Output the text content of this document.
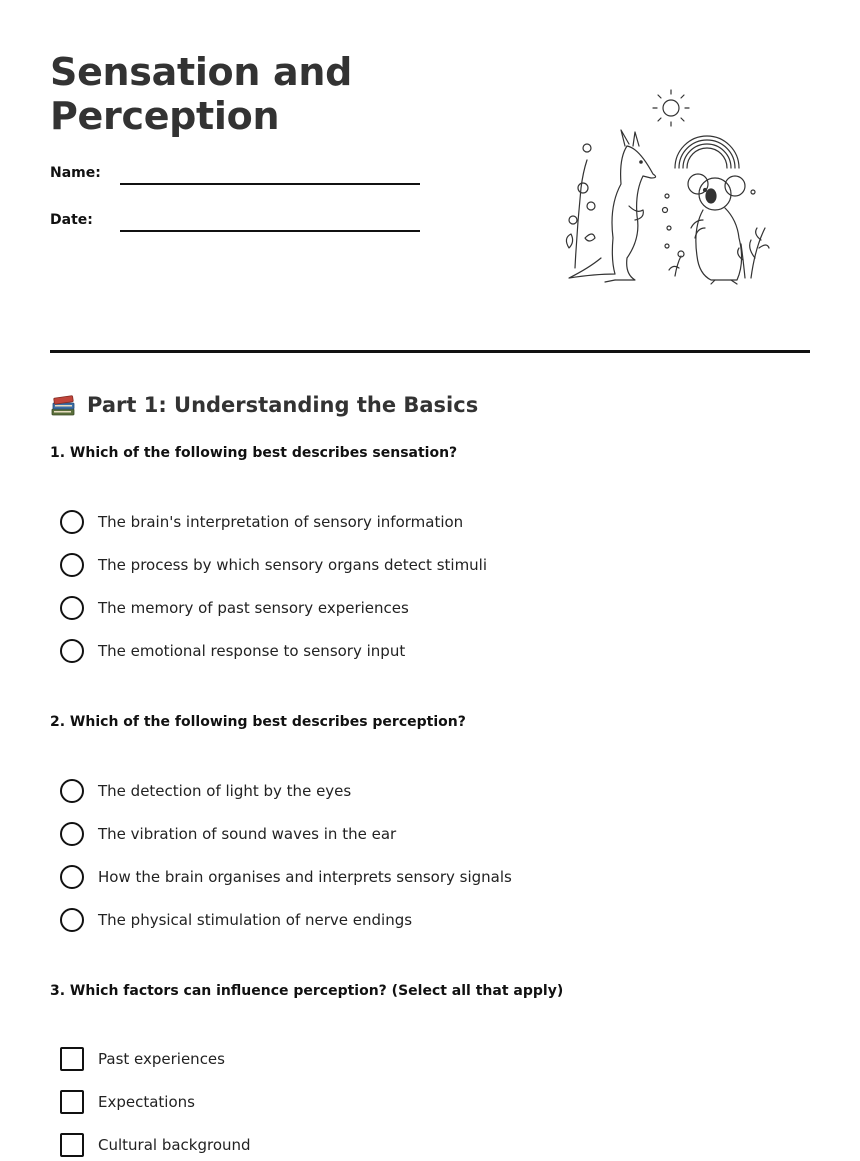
Sensation and
Perception
Name:
Date:
Part 1: Understanding the Basics
1. Which of the following best describes sensation?
The brain's interpretation of sensory information
The process by which sensory organs detect stimuli
The memory of past sensory experiences
The emotional response to sensory input
2. Which of the following best describes perception?
The detection of light by the eyes
The vibration of sound waves in the ear
How the brain organises and interprets sensory signals
The physical stimulation of nerve endings
3. Which factors can influence perception? (Select all that apply)
Past experiences
Expectations
Cultural background
